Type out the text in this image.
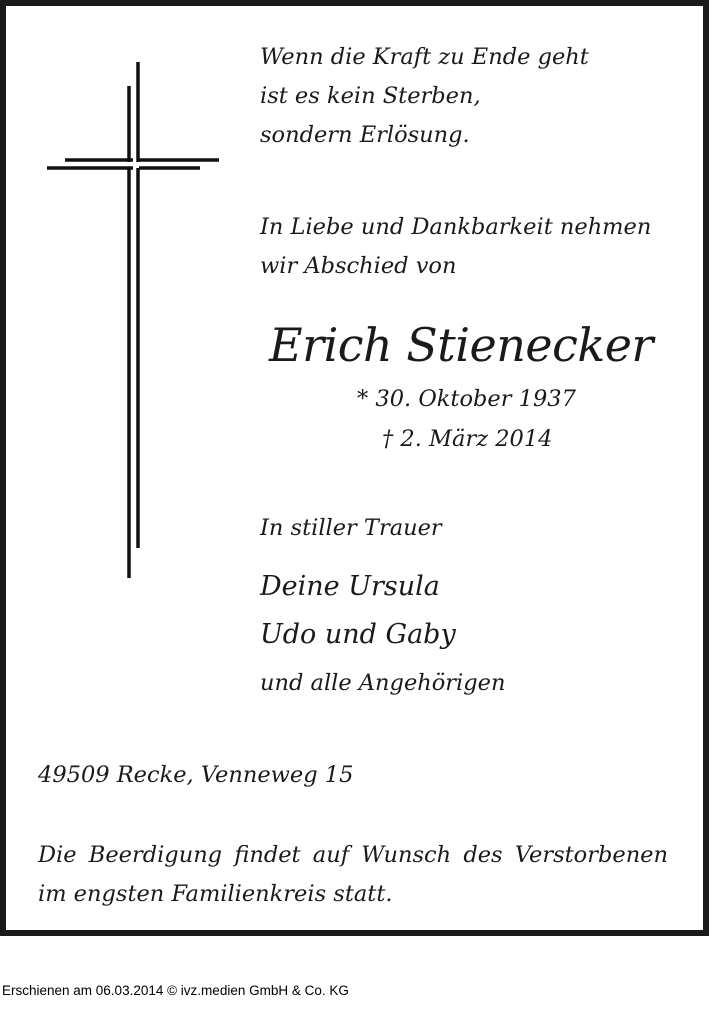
Wenn die Kraft zu Ende geht
ist es kein Sterben,
sondern Erlösung.
In Liebe und Dankbarkeit nehmen
wir Abschied von
Erich Stienecker
* 30. Oktober 1937
† 2. März 2014
In stiller Trauer
Deine Ursula
Udo und Gaby
und alle Angehörigen
49509 Recke, Venneweg 15
Die Beerdigung findet auf Wunsch des Verstorbenen
im engsten Familienkreis statt.
Erschienen am 06.03.2014 © ivz.medien GmbH & Co. KG
